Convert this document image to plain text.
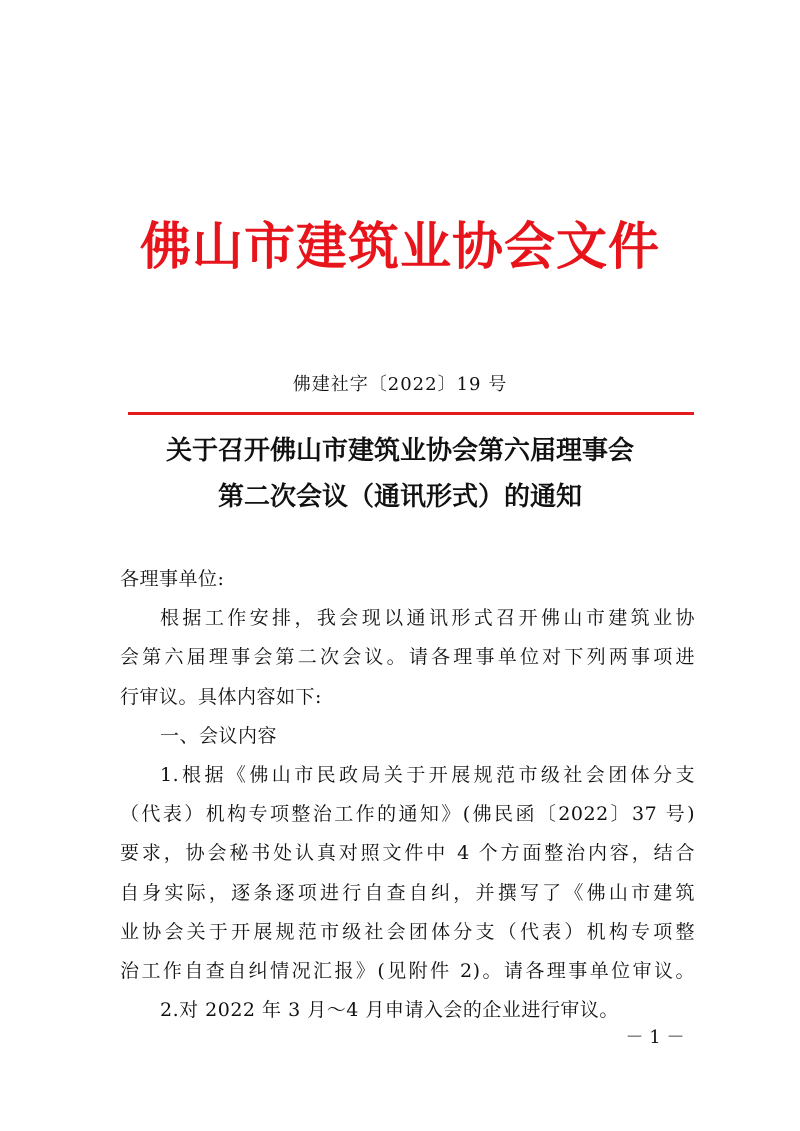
佛山市建筑业协会文件
佛建社字〔2022〕19 号
关于召开佛山市建筑业协会第六届理事会
第二次会议（通讯形式）的通知
各理事单位:
根据工作安排，我会现以通讯形式召开佛山市建筑业协
会第六届理事会第二次会议。请各理事单位对下列两事项进
行审议。具体内容如下:
一、会议内容
1.根据《佛山市民政局关于开展规范市级社会团体分支
（代表）机构专项整治工作的通知》(佛民函〔2022〕37 号)
要求，协会秘书处认真对照文件中 4 个方面整治内容，结合
自身实际，逐条逐项进行自查自纠，并撰写了《佛山市建筑
业协会关于开展规范市级社会团体分支（代表）机构专项整
治工作自查自纠情况汇报》(见附件 2)。请各理事单位审议。
2.对 2022 年 3 月～4 月申请入会的企业进行审议。
－ 1 －
